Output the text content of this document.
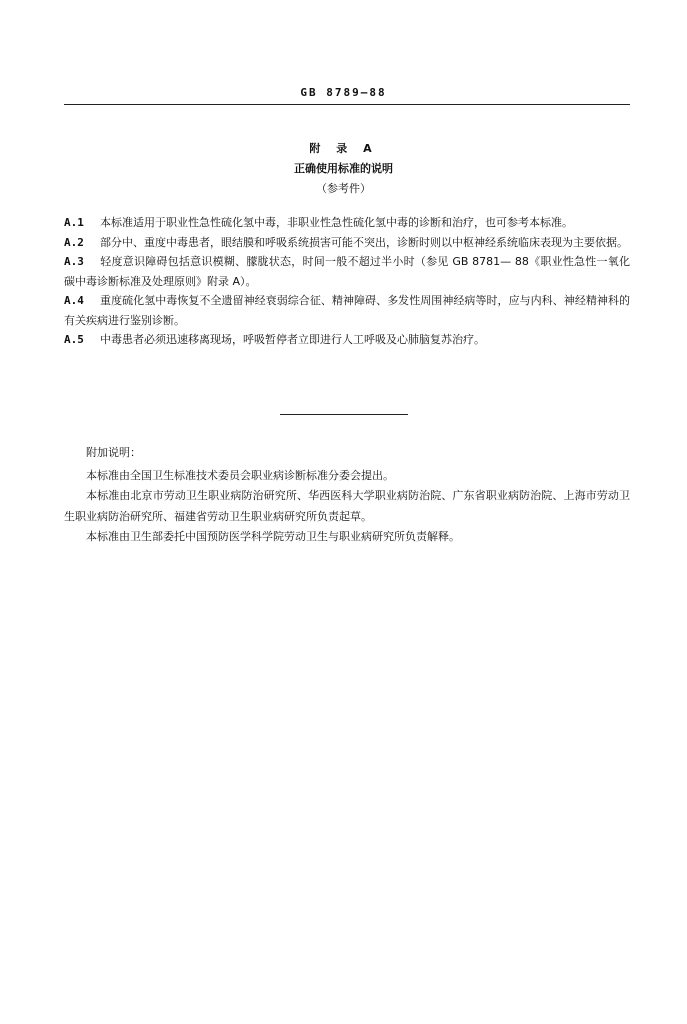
GB 8789—88
附 录 A
正确使用标准的说明
（参考件）

A.1 本标准适用于职业性急性硫化氢中毒，非职业性急性硫化氢中毒的诊断和治疗，也可参考本标准。

A.2 部分中、重度中毒患者，眼结膜和呼吸系统损害可能不突出，诊断时则以中枢神经系统临床表现为主要依据。

A.3 轻度意识障碍包括意识模糊、朦胧状态，时间一般不超过半小时（参见 GB 8781— 88《职业性急性一氧化碳中毒诊断标准及处理原则》附录 A）。

A.4 重度硫化氢中毒恢复不全遗留神经衰弱综合征、精神障碍、多发性周围神经病等时，应与内科、神经精神科的有关疾病进行鉴别诊断。

A.5 中毒患者必须迅速移离现场，呼吸暂停者立即进行人工呼吸及心肺脑复苏治疗。

附加说明：

本标准由全国卫生标准技术委员会职业病诊断标准分委会提出。

本标准由北京市劳动卫生职业病防治研究所、华西医科大学职业病防治院、广东省职业病防治院、上海市劳动卫生职业病防治研究所、福建省劳动卫生职业病研究所负责起草。

本标准由卫生部委托中国预防医学科学院劳动卫生与职业病研究所负责解释。
